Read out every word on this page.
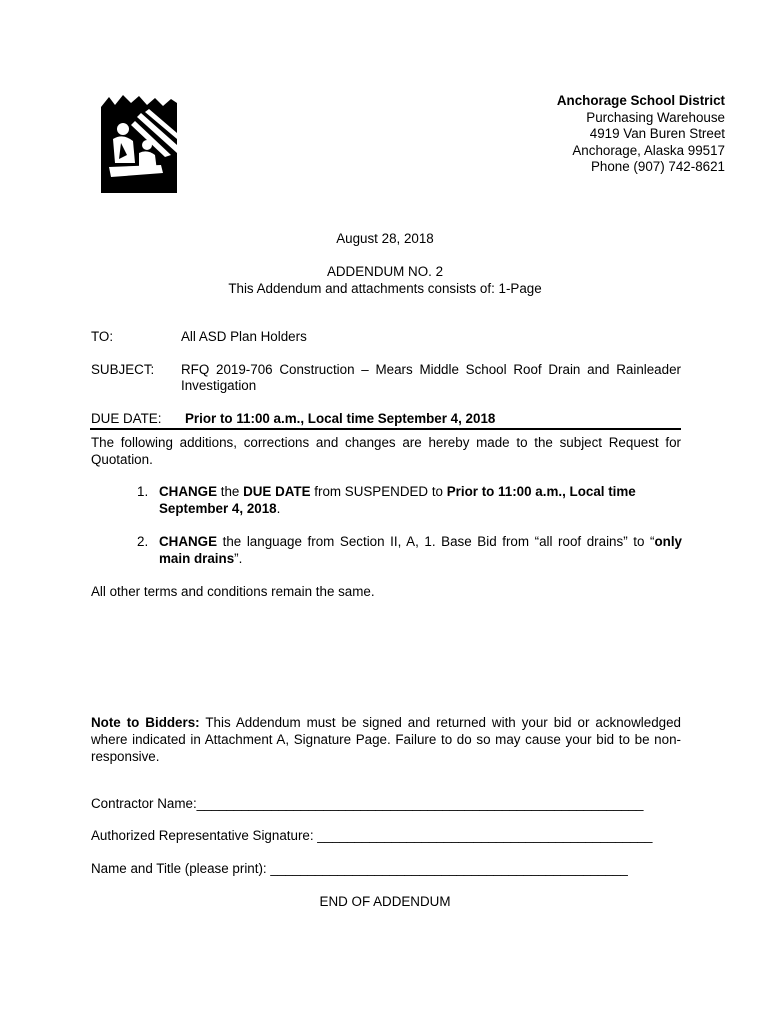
Anchorage School District
Purchasing Warehouse
4919 Van Buren Street
Anchorage, Alaska 99517
Phone (907) 742-8621
August 28, 2018
ADDENDUM NO. 2
This Addendum and attachments consists of: 1-Page
TO:	All ASD Plan Holders
SUBJECT: RFQ 2019-706 Construction – Mears Middle School Roof Drain and Rainleader
Investigation
DUE DATE: Prior to 11:00 a.m., Local time September 4, 2018
The following additions, corrections and changes are hereby made to the subject Request for Quotation.
1. CHANGE the DUE DATE from SUSPENDED to Prior to 11:00 a.m., Local time September 4, 2018.
2. CHANGE the language from Section II, A, 1. Base Bid from “all roof drains” to “only main drains”.
All other terms and conditions remain the same.
Note to Bidders: This Addendum must be signed and returned with your bid or acknowledged where indicated in Attachment A, Signature Page. Failure to do so may cause your bid to be non-responsive.
Contractor Name:____________________________________________________________
Authorized Representative Signature: _____________________________________________
Name and Title (please print): ________________________________________________
END OF ADDENDUM
